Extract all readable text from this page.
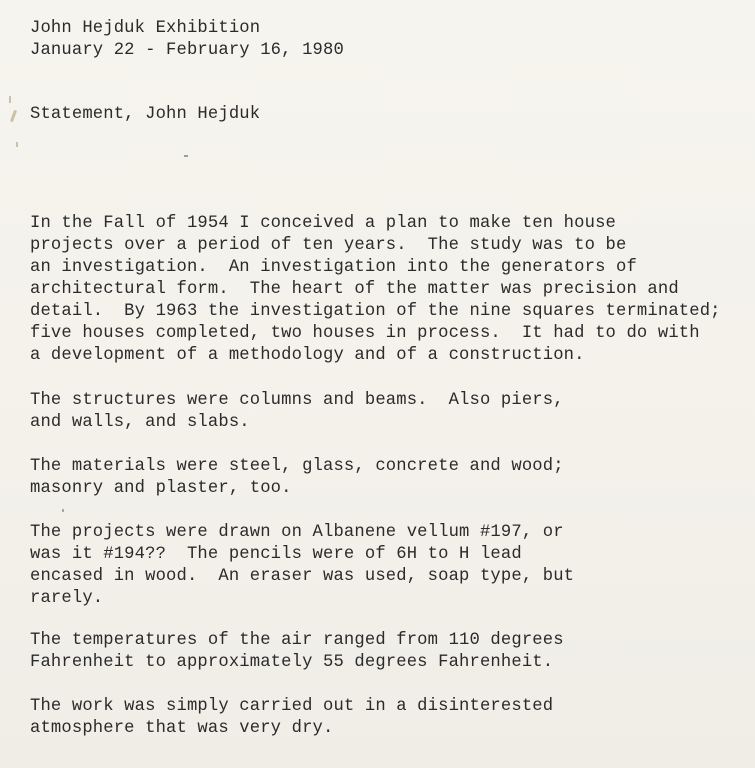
John Hejduk Exhibition
January 22 - February 16, 1980
Statement, John Hejduk
In the Fall of 1954 I conceived a plan to make ten house
projects over a period of ten years.  The study was to be
an investigation.  An investigation into the generators of
architectural form.  The heart of the matter was precision and
detail.  By 1963 the investigation of the nine squares terminated;
five houses completed, two houses in process.  It had to do with
a development of a methodology and of a construction.
The structures were columns and beams.  Also piers,
and walls, and slabs.
The materials were steel, glass, concrete and wood;
masonry and plaster, too.
The projects were drawn on Albanene vellum #197, or
was it #194??  The pencils were of 6H to H lead
encased in wood.  An eraser was used, soap type, but
rarely.
The temperatures of the air ranged from 110 degrees
Fahrenheit to approximately 55 degrees Fahrenheit.
The work was simply carried out in a disinterested
atmosphere that was very dry.
